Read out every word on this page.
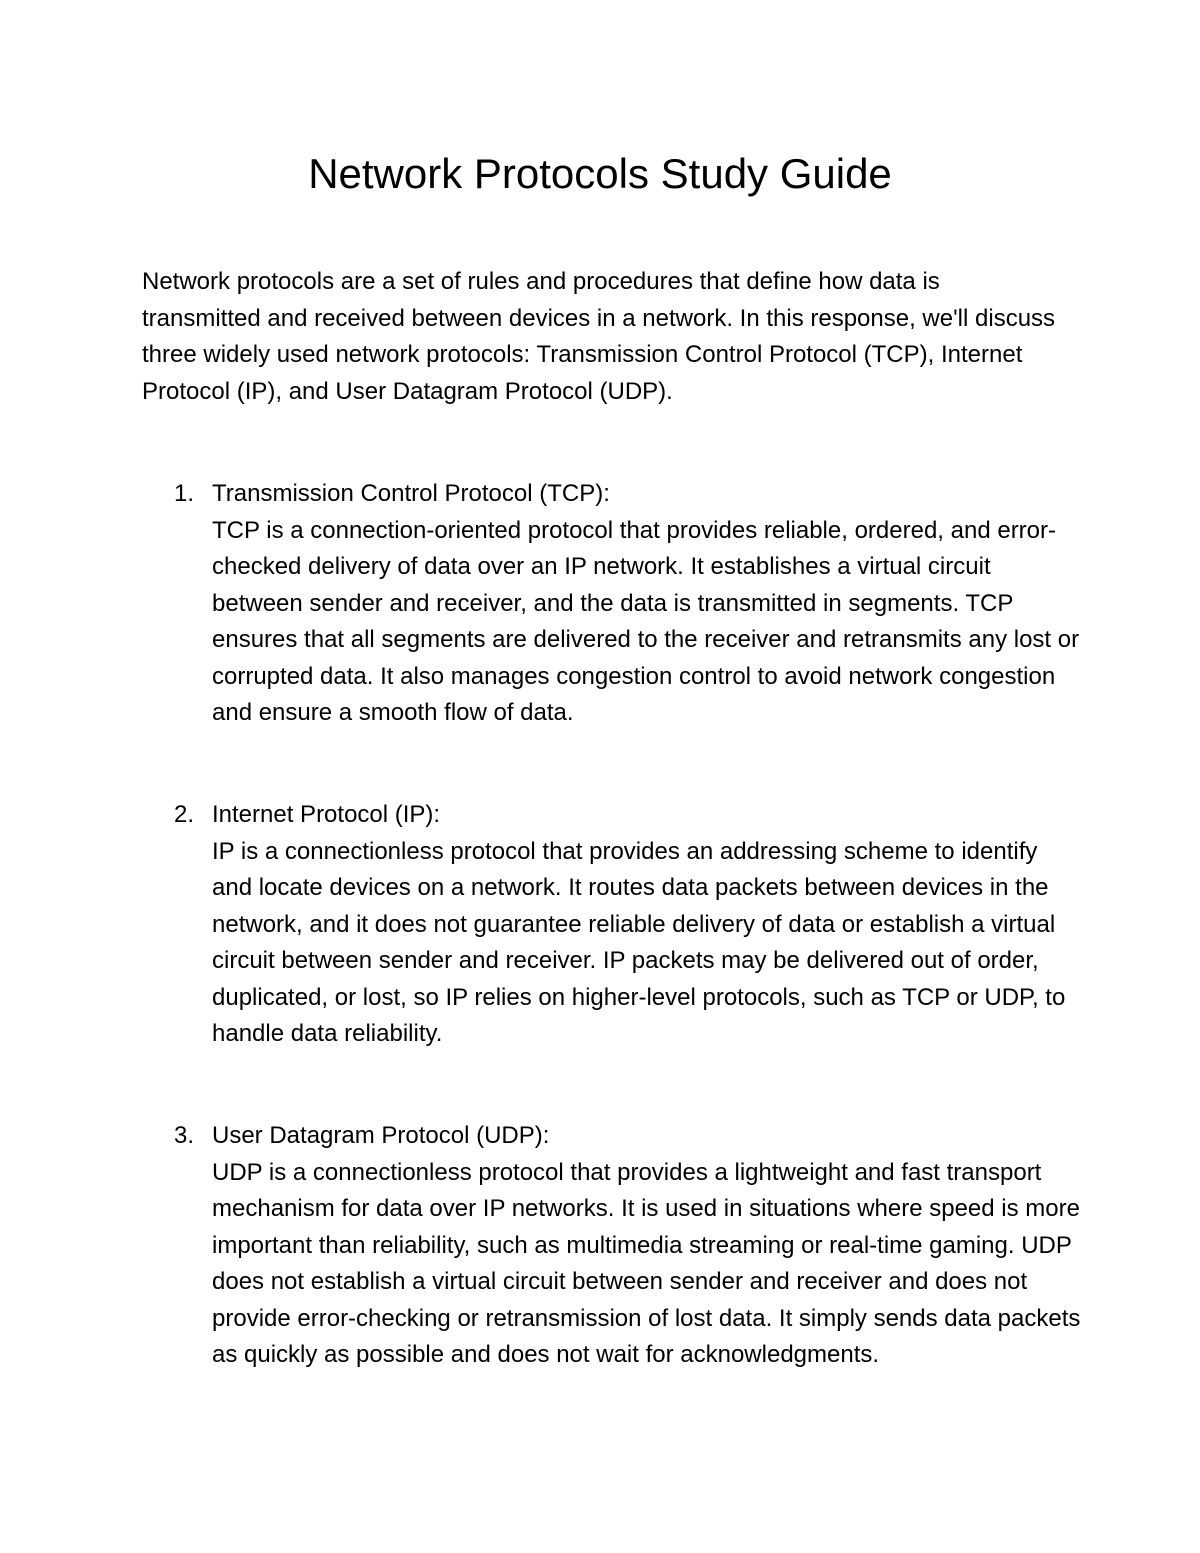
Network Protocols Study Guide

Network protocols are a set of rules and procedures that define how data is transmitted and received between devices in a network. In this response, we'll discuss three widely used network protocols: Transmission Control Protocol (TCP), Internet Protocol (IP), and User Datagram Protocol (UDP).

1. Transmission Control Protocol (TCP):

TCP is a connection-oriented protocol that provides reliable, ordered, and error-checked delivery of data over an IP network. It establishes a virtual circuit between sender and receiver, and the data is transmitted in segments. TCP ensures that all segments are delivered to the receiver and retransmits any lost or corrupted data. It also manages congestion control to avoid network congestion and ensure a smooth flow of data.

2. Internet Protocol (IP):

IP is a connectionless protocol that provides an addressing scheme to identify and locate devices on a network. It routes data packets between devices in the network, and it does not guarantee reliable delivery of data or establish a virtual circuit between sender and receiver. IP packets may be delivered out of order, duplicated, or lost, so IP relies on higher-level protocols, such as TCP or UDP, to handle data reliability.

3. User Datagram Protocol (UDP):

UDP is a connectionless protocol that provides a lightweight and fast transport mechanism for data over IP networks. It is used in situations where speed is more important than reliability, such as multimedia streaming or real-time gaming. UDP does not establish a virtual circuit between sender and receiver and does not provide error-checking or retransmission of lost data. It simply sends data packets as quickly as possible and does not wait for acknowledgments.
